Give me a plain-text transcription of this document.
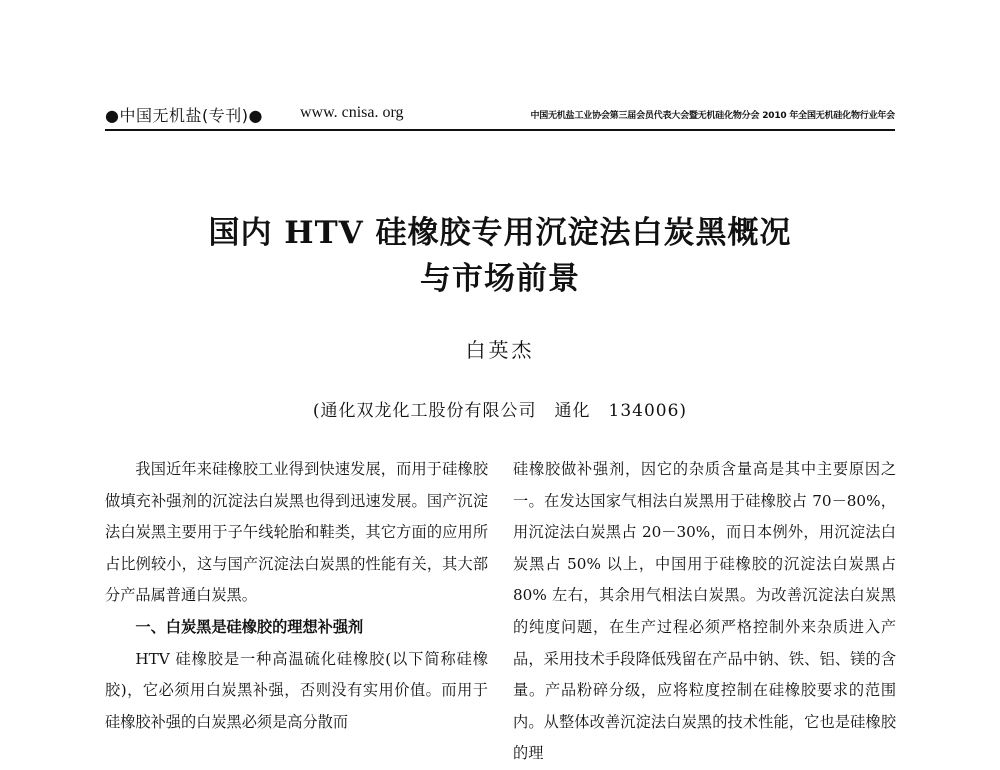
●中国无机盐(专刊)● www. cnisa. org	中国无机盐工业协会第三届会员代表大会暨无机硅化物分会 2010 年全国无机硅化物行业年会
国内 HTV 硅橡胶专用沉淀法白炭黑概况
与市场前景
白英杰
(通化双龙化工股份有限公司　通化　134006)

我国近年来硅橡胶工业得到快速发展，而用于硅橡胶做填充补强剂的沉淀法白炭黑也得到迅速发展。国产沉淀法白炭黑主要用于子午线轮胎和鞋类，其它方面的应用所占比例较小，这与国产沉淀法白炭黑的性能有关，其大部分产品属普通白炭黑。

一、白炭黑是硅橡胶的理想补强剂

HTV 硅橡胶是一种高温硫化硅橡胶(以下简称硅橡胶)，它必须用白炭黑补强，否则没有实用价值。而用于硅橡胶补强的白炭黑必须是高分散而

硅橡胶做补强剂，因它的杂质含量高是其中主要原因之一。在发达国家气相法白炭黑用于硅橡胶占 70－80%，用沉淀法白炭黑占 20－30%，而日本例外，用沉淀法白炭黑占 50% 以上，中国用于硅橡胶的沉淀法白炭黑占 80% 左右，其余用气相法白炭黑。为改善沉淀法白炭黑的纯度问题，在生产过程必须严格控制外来杂质进入产品，采用技术手段降低残留在产品中钠、铁、铝、镁的含量。产品粉碎分级，应将粒度控制在硅橡胶要求的范围内。从整体改善沉淀法白炭黑的技术性能，它也是硅橡胶的理
